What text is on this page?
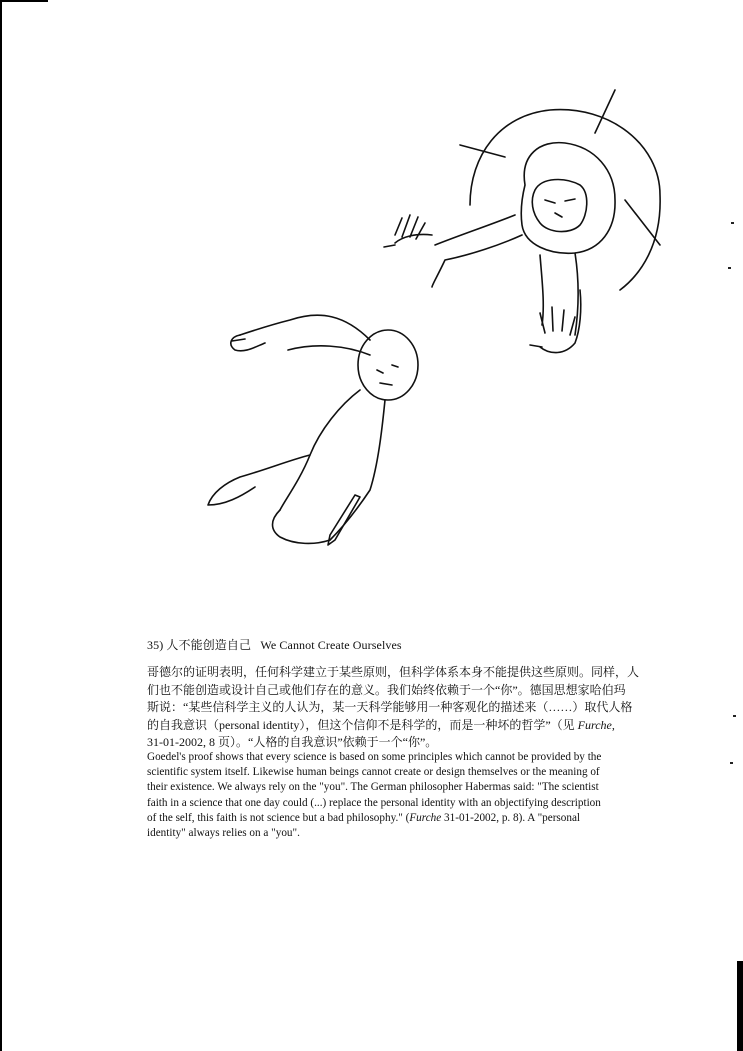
35) 人不能创造自己 We Cannot Create Ourselves

哥德尔的证明表明，任何科学建立于某些原则，但科学体系本身不能提供这些原则。同样，人

们也不能创造或设计自己或他们存在的意义。我们始终依赖于一个“你”。德国思想家哈伯玛

斯说：“某些信科学主义的人认为，某一天科学能够用一种客观化的描述来（……）取代人格

的自我意识（personal identity），但这个信仰不是科学的，而是一种坏的哲学”（见 Furche,

31-01-2002, 8 页）。“人格的自我意识”依赖于一个“你”。

Goedel's proof shows that every science is based on some principles which cannot be provided by the

scientific system itself. Likewise human beings cannot create or design themselves or the meaning of

their existence. We always rely on the "you". The German philosopher Habermas said: "The scientist

faith in a science that one day could (...) replace the personal identity with an objectifying description

of the self, this faith is not science but a bad philosophy." (Furche 31-01-2002, p. 8). A "personal

identity" always relies on a "you".
